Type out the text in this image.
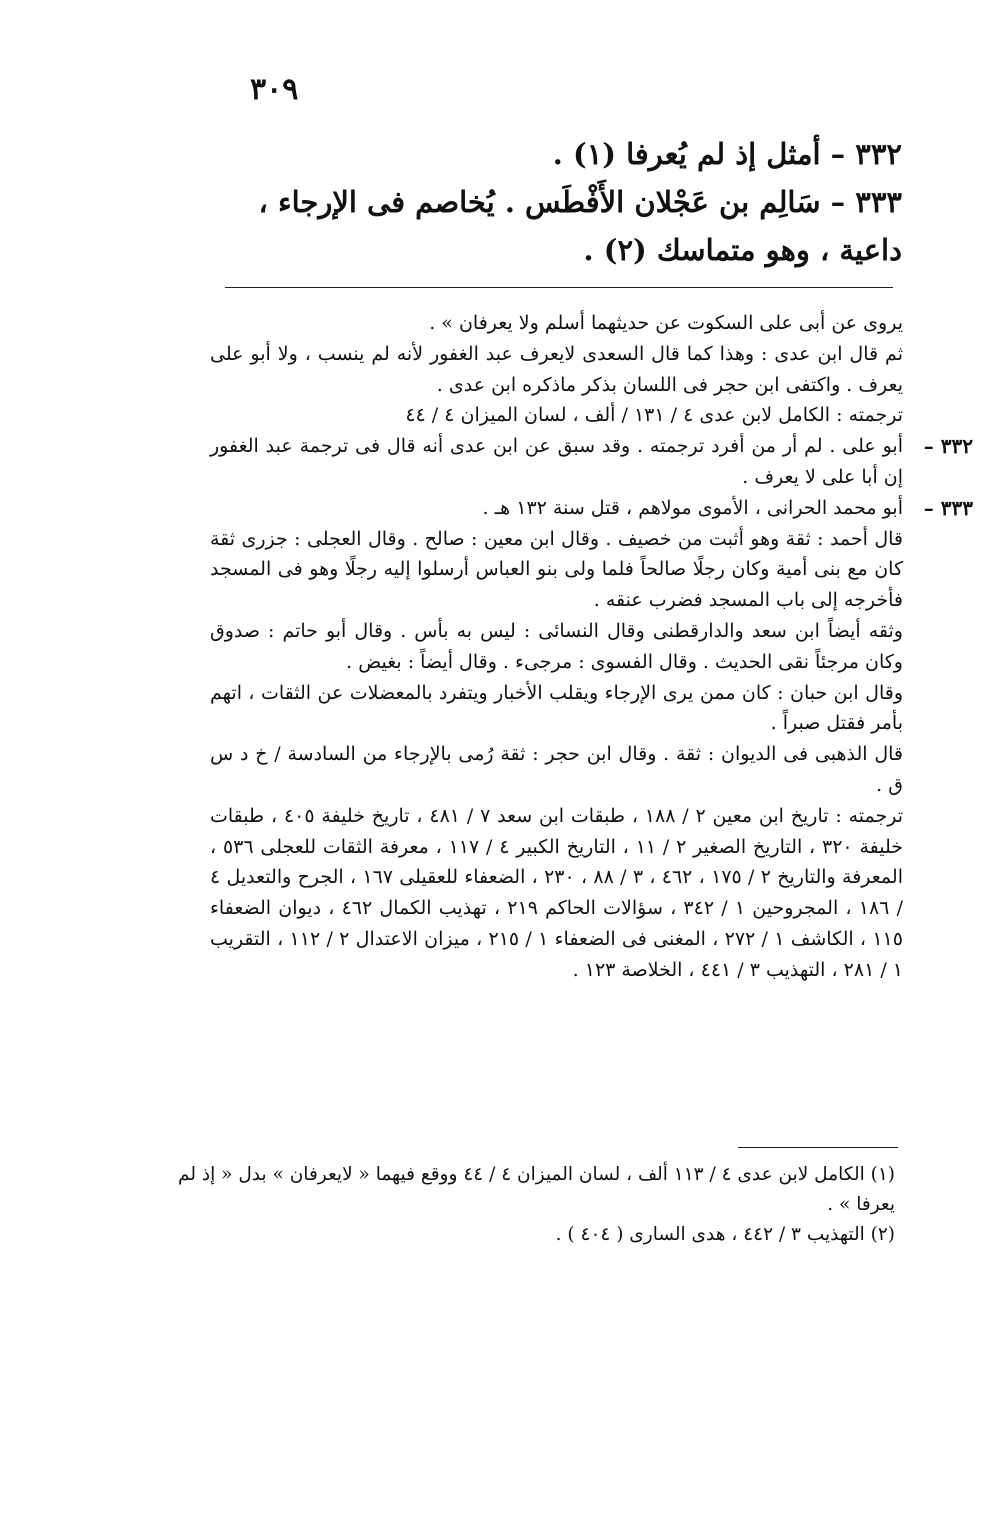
٣٠٩
٣٣٢ – أمثل إذ لم يُعرفا (١) .
٣٣٣ – سَالِم بن عَجْلان الأَفْطَس . يُخاصم فى الإرجاء ، داعية ، وهو متماسك (٢) .

يروى عن أبى على السكوت عن حديثهما أسلم ولا يعرفان » .

ثم قال ابن عدى : وهذا كما قال السعدى لايعرف عبد الغفور لأنه لم ينسب ، ولا أبو على يعرف . واكتفى ابن حجر فى اللسان بذكر ماذكره ابن عدى .

ترجمته : الكامل لابن عدى ٤ / ١٣١ / ألف ، لسان الميزان ٤ / ٤٤

٣٣٢ –

أبو على . لم أر من أفرد ترجمته . وقد سبق عن ابن عدى أنه قال فى ترجمة عبد الغفور إن أبا على لا يعرف .

٣٣٣ –

أبو محمد الحرانى ، الأموى مولاهم ، قتل سنة ١٣٢ هـ .

قال أحمد : ثقة وهو أثبت من خصيف . وقال ابن معين : صالح . وقال العجلى : جزرى ثقة كان مع بنى أمية وكان رجلًا صالحاً فلما ولى بنو العباس أرسلوا إليه رجلًا وهو فى المسجد فأخرجه إلى باب المسجد فضرب عنقه .

وثقه أيضاً ابن سعد والدارقطنى وقال النسائى : ليس به بأس . وقال أبو حاتم : صدوق وكان مرجئاً نقى الحديث . وقال الفسوى : مرجىء . وقال أيضاً : بغيض .

وقال ابن حبان : كان ممن يرى الإرجاء ويقلب الأخبار ويتفرد بالمعضلات عن الثقات ، اتهم بأمر فقتل صبراً .

قال الذهبى فى الديوان : ثقة . وقال ابن حجر : ثقة رُمى بالإرجاء من السادسة / خ د س ق .

ترجمته : تاريخ ابن معين ٢ / ١٨٨ ، طبقات ابن سعد ٧ / ٤٨١ ، تاريخ خليفة ٤٠٥ ، طبقات خليفة ٣٢٠ ، التاريخ الصغير ٢ / ١١ ، التاريخ الكبير ٤ / ١١٧ ، معرفة الثقات للعجلى ٥٣٦ ، المعرفة والتاريخ ٢ / ١٧٥ ، ٤٦٢ ، ٣ / ٨٨ ، ٢٣٠ ، الضعفاء للعقيلى ١٦٧ ، الجرح والتعديل ٤ / ١٨٦ ، المجروحين ١ / ٣٤٢ ، سؤالات الحاكم ٢١٩ ، تهذيب الكمال ٤٦٢ ، ديوان الضعفاء ١١٥ ، الكاشف ١ / ٢٧٢ ، المغنى فى الضعفاء ١ / ٢١٥ ، ميزان الاعتدال ٢ / ١١٢ ، التقريب ١ / ٢٨١ ، التهذيب ٣ / ٤٤١ ، الخلاصة ١٢٣ .

(١) الكامل لابن عدى ٤ / ١١٣ ألف ، لسان الميزان ٤ / ٤٤ ووقع فيهما « لايعرفان » بدل « إذ لم يعرفا » .

(٢) التهذيب ٣ / ٤٤٢ ، هدى السارى ( ٤٠٤ ) .
